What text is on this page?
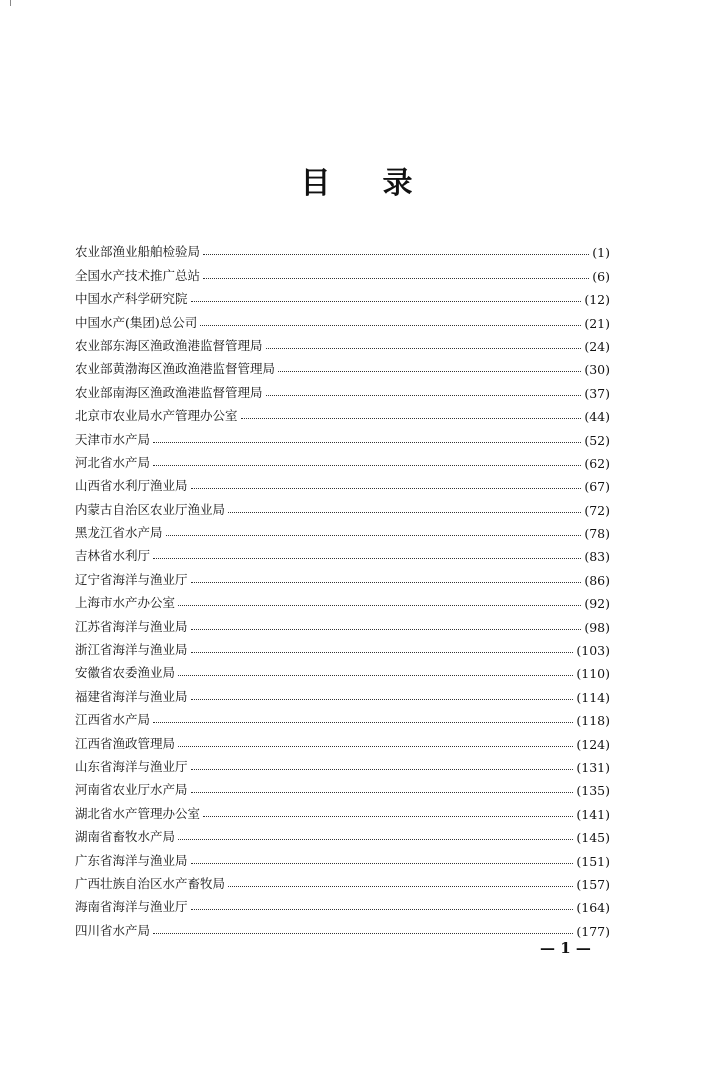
目 录
农业部渔业船舶检验局	(1)
全国水产技术推广总站	(6)
中国水产科学研究院	(12)
中国水产(集团)总公司	(21)
农业部东海区渔政渔港监督管理局	(24)
农业部黄渤海区渔政渔港监督管理局	(30)
农业部南海区渔政渔港监督管理局	(37)
北京市农业局水产管理办公室	(44)
天津市水产局	(52)
河北省水产局	(62)
山西省水利厅渔业局	(67)
内蒙古自治区农业厅渔业局	(72)
黑龙江省水产局	(78)
吉林省水利厅	(83)
辽宁省海洋与渔业厅	(86)
上海市水产办公室	(92)
江苏省海洋与渔业局	(98)
浙江省海洋与渔业局	(103)
安徽省农委渔业局	(110)
福建省海洋与渔业局	(114)
江西省水产局	(118)
江西省渔政管理局	(124)
山东省海洋与渔业厅	(131)
河南省农业厅水产局	(135)
湖北省水产管理办公室	(141)
湖南省畜牧水产局	(145)
广东省海洋与渔业局	(151)
广西壮族自治区水产畜牧局	(157)
海南省海洋与渔业厅	(164)
四川省水产局	(177)
— 1 —
